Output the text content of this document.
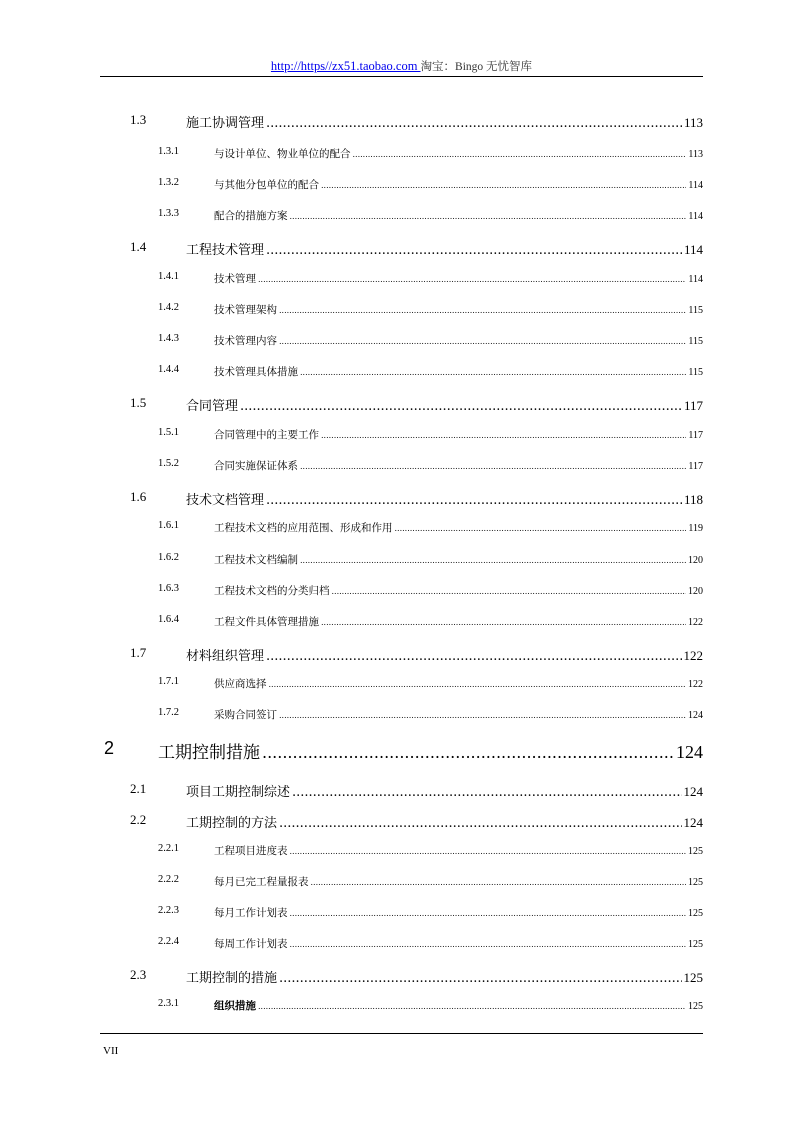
http://https//zx51.taobao.com 淘宝：Bingo 无忧智库
1.3	施工协调管理 .....	113
1.3.1	与设计单位、物业单位的配合 .....	113
1.3.2	与其他分包单位的配合 .....	114
1.3.3	配合的措施方案 .....	114
1.4	工程技术管理 .....	114
1.4.1	技术管理 .....	114
1.4.2	技术管理架构 .....	115
1.4.3	技术管理内容 .....	115
1.4.4	技术管理具体措施 .....	115
1.5	合同管理 .....	117
1.5.1	合同管理中的主要工作 .....	117
1.5.2	合同实施保证体系 .....	117
1.6	技术文档管理 .....	118
1.6.1	工程技术文档的应用范围、形成和作用 .....	119
1.6.2	工程技术文档编制 .....	120
1.6.3	工程技术文档的分类归档 .....	120
1.6.4	工程文件具体管理措施 .....	122
1.7	材料组织管理 .....	122
1.7.1	供应商选择 .....	122
1.7.2	采购合同签订 .....	124
2	工期控制措施 .....	124
2.1	项目工期控制综述 .....	124
2.2	工期控制的方法 .....	124
2.2.1	工程项目进度表 .....	125
2.2.2	每月已完工程量报表 .....	125
2.2.3	每月工作计划表 .....	125
2.2.4	每周工作计划表 .....	125
2.3	工期控制的措施 .....	125
2.3.1	组织措施 .....	125
VII
